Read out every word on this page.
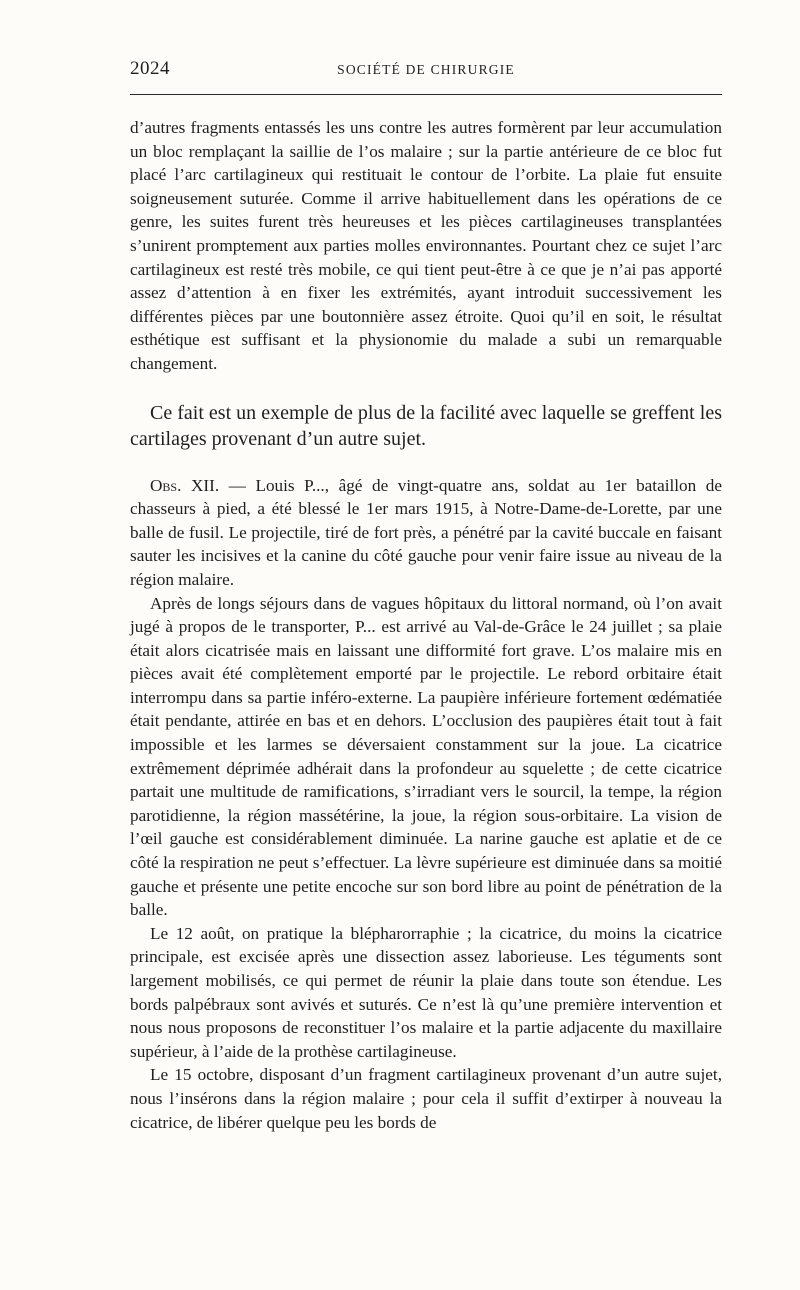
2024	SOCIÉTÉ DE CHIRURGIE

d’autres fragments entassés les uns contre les autres formèrent par leur accumulation un bloc remplaçant la saillie de l’os malaire ; sur la partie antérieure de ce bloc fut placé l’arc cartilagineux qui restituait le contour de l’orbite. La plaie fut ensuite soigneusement suturée. Comme il arrive habituellement dans les opérations de ce genre, les suites furent très heureuses et les pièces cartilagineuses transplantées s’unirent promptement aux parties molles environnantes. Pourtant chez ce sujet l’arc cartilagineux est resté très mobile, ce qui tient peut-être à ce que je n’ai pas apporté assez d’attention à en fixer les extrémités, ayant introduit successivement les différentes pièces par une boutonnière assez étroite. Quoi qu’il en soit, le résultat esthétique est suffisant et la physionomie du malade a subi un remarquable changement.

Ce fait est un exemple de plus de la facilité avec laquelle se greffent les cartilages provenant d’un autre sujet.

Obs. XII. — Louis P..., âgé de vingt-quatre ans, soldat au 1er bataillon de chasseurs à pied, a été blessé le 1er mars 1915, à Notre-Dame-de-Lorette, par une balle de fusil. Le projectile, tiré de fort près, a pénétré par la cavité buccale en faisant sauter les incisives et la canine du côté gauche pour venir faire issue au niveau de la région malaire.

Après de longs séjours dans de vagues hôpitaux du littoral normand, où l’on avait jugé à propos de le transporter, P... est arrivé au Val-de-Grâce le 24 juillet ; sa plaie était alors cicatrisée mais en laissant une difformité fort grave. L’os malaire mis en pièces avait été complètement emporté par le projectile. Le rebord orbitaire était interrompu dans sa partie inféro-externe. La paupière inférieure fortement œdématiée était pendante, attirée en bas et en dehors. L’occlusion des paupières était tout à fait impossible et les larmes se déversaient constamment sur la joue. La cicatrice extrêmement déprimée adhérait dans la profondeur au squelette ; de cette cicatrice partait une multitude de ramifications, s’irradiant vers le sourcil, la tempe, la région parotidienne, la région massétérine, la joue, la région sous-orbitaire. La vision de l’œil gauche est considérablement diminuée. La narine gauche est aplatie et de ce côté la respiration ne peut s’effectuer. La lèvre supérieure est diminuée dans sa moitié gauche et présente une petite encoche sur son bord libre au point de pénétration de la balle.

Le 12 août, on pratique la blépharorraphie ; la cicatrice, du moins la cicatrice principale, est excisée après une dissection assez laborieuse. Les téguments sont largement mobilisés, ce qui permet de réunir la plaie dans toute son étendue. Les bords palpébraux sont avivés et suturés. Ce n’est là qu’une première intervention et nous nous proposons de reconstituer l’os malaire et la partie adjacente du maxillaire supérieur, à l’aide de la prothèse cartilagineuse.

Le 15 octobre, disposant d’un fragment cartilagineux provenant d’un autre sujet, nous l’insérons dans la région malaire ; pour cela il suffit d’extirper à nouveau la cicatrice, de libérer quelque peu les bords de
